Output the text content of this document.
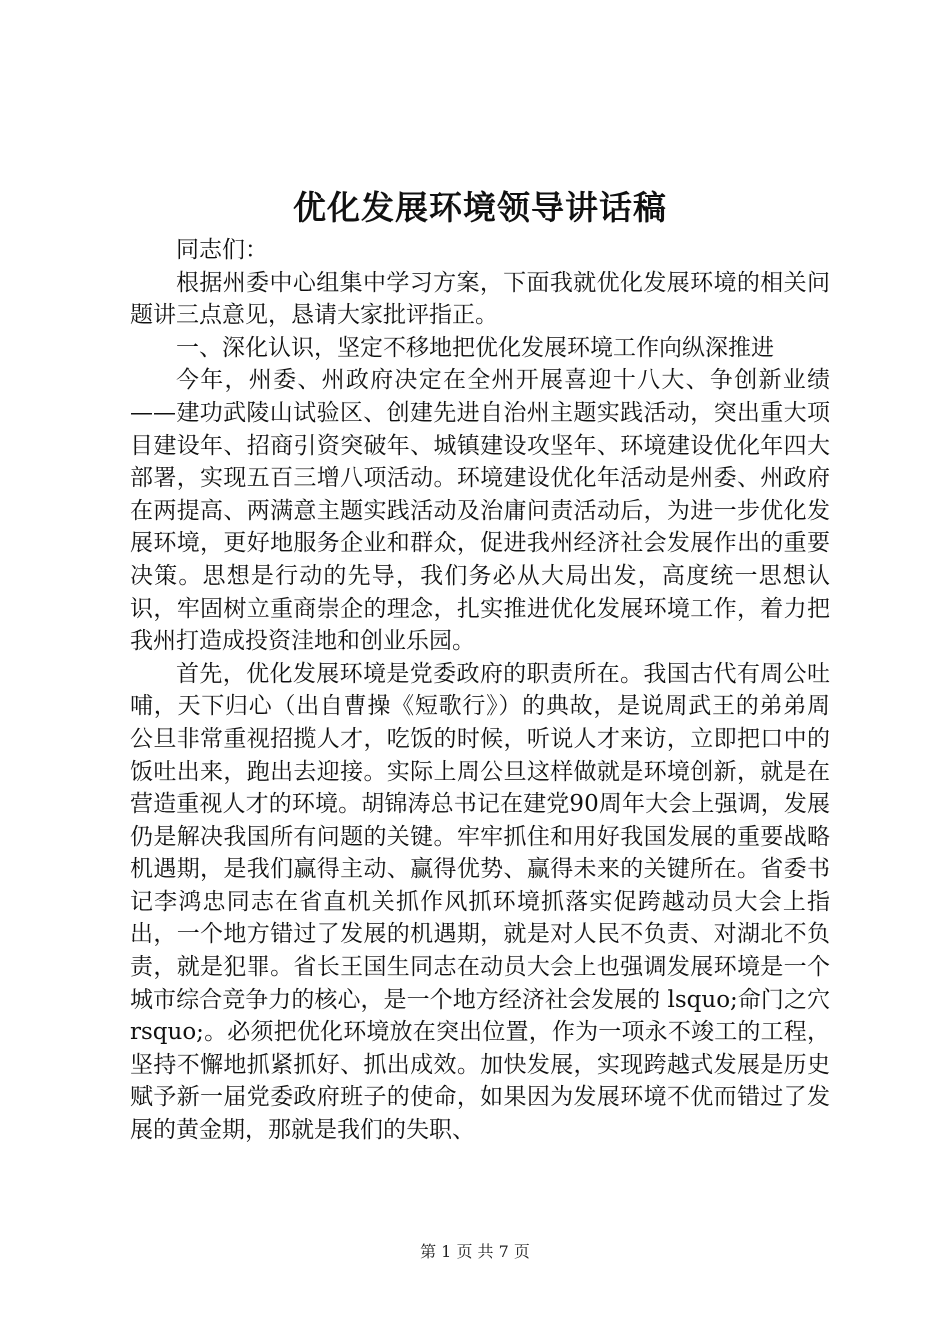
优化发展环境领导讲话稿

同志们：

根据州委中心组集中学习方案，下面我就优化发展环境的相关问题讲三点意见，恳请大家批评指正。

一、深化认识，坚定不移地把优化发展环境工作向纵深推进

今年，州委、州政府决定在全州开展喜迎十八大、争创新业绩——建功武陵山试验区、创建先进自治州主题实践活动，突出重大项目建设年、招商引资突破年、城镇建设攻坚年、环境建设优化年四大部署，实现五百三增八项活动。环境建设优化年活动是州委、州政府在两提高、两满意主题实践活动及治庸问责活动后，为进一步优化发展环境，更好地服务企业和群众，促进我州经济社会发展作出的重要决策。思想是行动的先导，我们务必从大局出发，高度统一思想认识，牢固树立重商崇企的理念，扎实推进优化发展环境工作，着力把我州打造成投资洼地和创业乐园。

首先，优化发展环境是党委政府的职责所在。我国古代有周公吐哺，天下归心（出自曹操《短歌行》）的典故，是说周武王的弟弟周公旦非常重视招揽人才，吃饭的时候，听说人才来访，立即把口中的饭吐出来，跑出去迎接。实际上周公旦这样做就是环境创新，就是在营造重视人才的环境。胡锦涛总书记在建党90周年大会上强调，发展仍是解决我国所有问题的关键。牢牢抓住和用好我国发展的重要战略机遇期，是我们赢得主动、赢得优势、赢得未来的关键所在。省委书记李鸿忠同志在省直机关抓作风抓环境抓落实促跨越动员大会上指出，一个地方错过了发展的机遇期，就是对人民不负责、对湖北不负责，就是犯罪。省长王国生同志在动员大会上也强调发展环境是一个城市综合竞争力的核心，是一个地方经济社会发展的 lsquo;命门之穴 rsquo;。必须把优化环境放在突出位置，作为一项永不竣工的工程，坚持不懈地抓紧抓好、抓出成效。加快发展，实现跨越式发展是历史赋予新一届党委政府班子的使命，如果因为发展环境不优而错过了发展的黄金期，那就是我们的失职、

第 1 页 共 7 页
